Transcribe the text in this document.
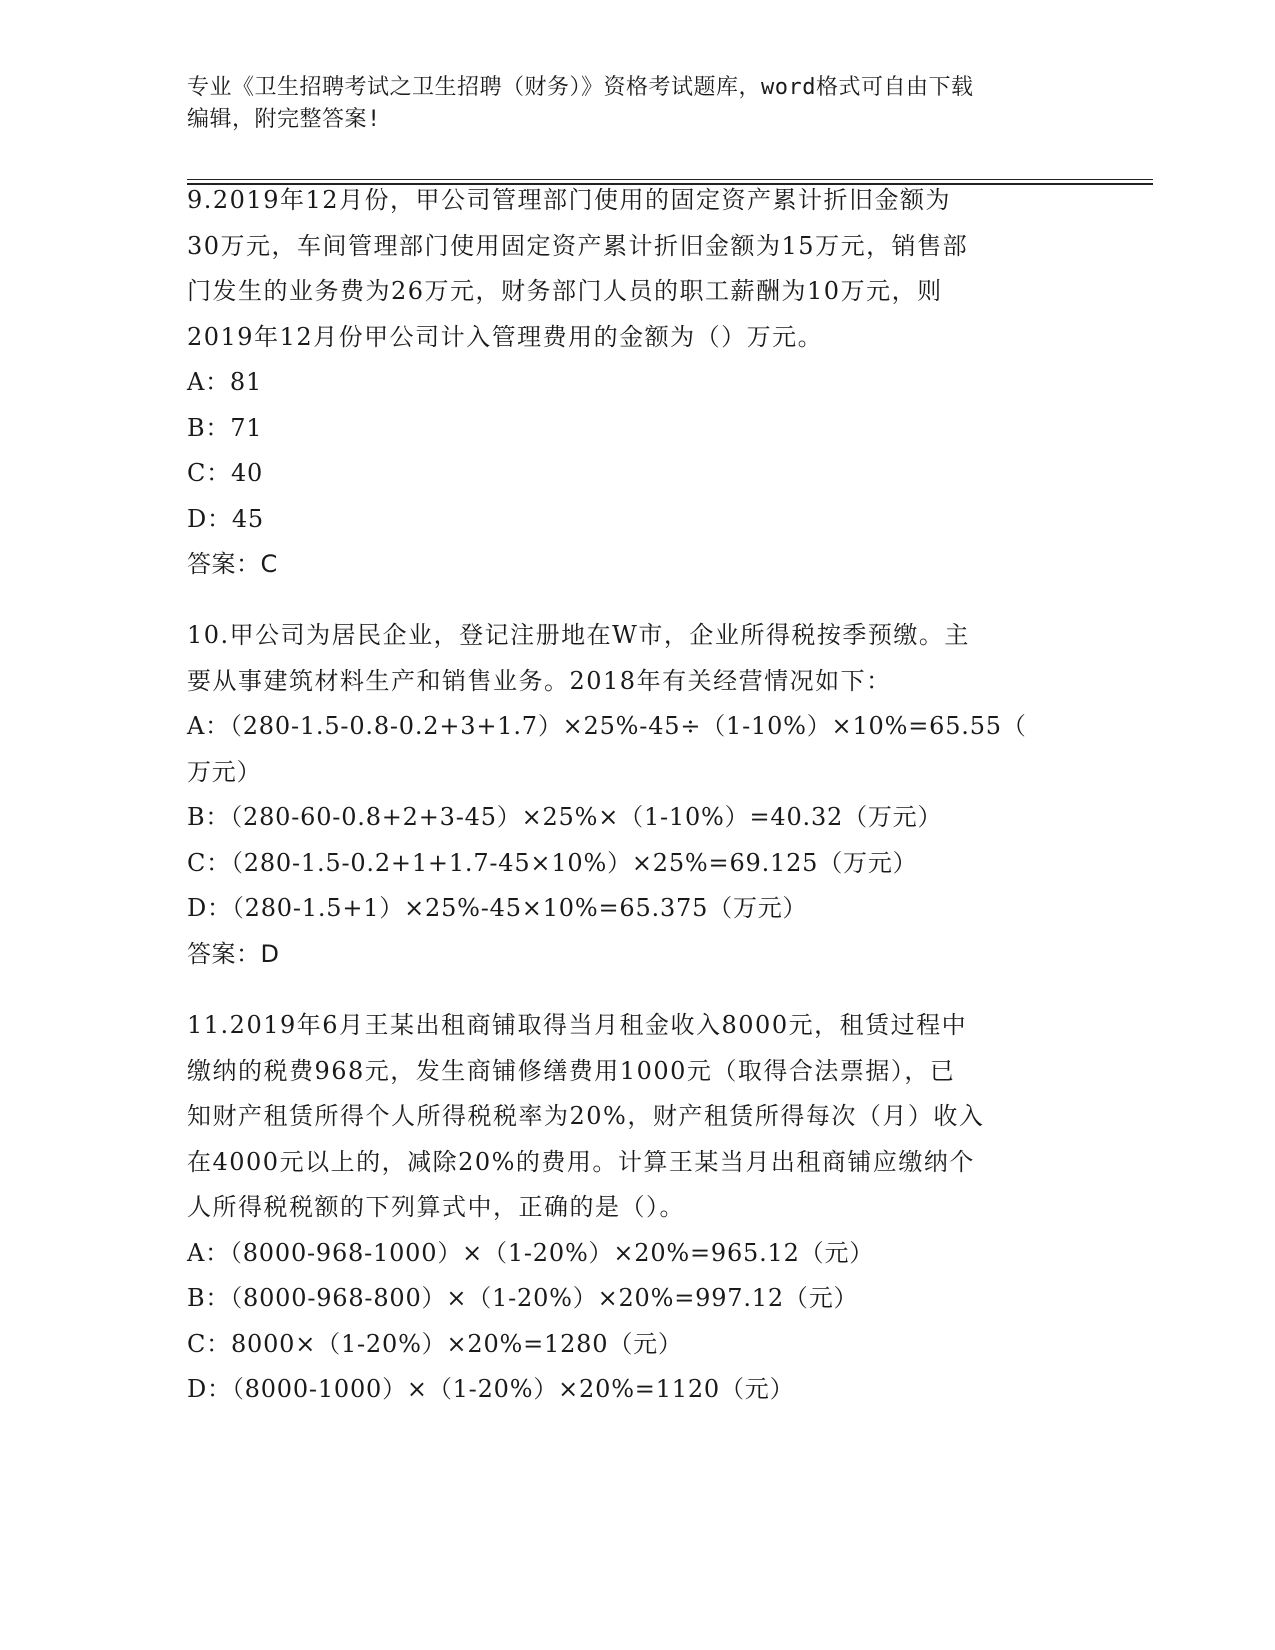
专业《卫生招聘考试之卫生招聘（财务）》资格考试题库，word格式可自由下载
编辑，附完整答案!
9.2019年12月份，甲公司管理部门使用的固定资产累计折旧金额为
30万元，车间管理部门使用固定资产累计折旧金额为15万元，销售部
门发生的业务费为26万元，财务部门人员的职工薪酬为10万元，则
2019年12月份甲公司计入管理费用的金额为（）万元。
A：81
B：71
C：40
D：45
答案：C
10.甲公司为居民企业，登记注册地在W市，企业所得税按季预缴。主
要从事建筑材料生产和销售业务。2018年有关经营情况如下：
A：（280-1.5-0.8-0.2+3+1.7）×25%-45÷（1-10%）×10%=65.55（
万元）
B：（280-60-0.8+2+3-45）×25%×（1-10%）=40.32（万元）
C：（280-1.5-0.2+1+1.7-45×10%）×25%=69.125（万元）
D：（280-1.5+1）×25%-45×10%=65.375（万元）
答案：D
11.2019年6月王某出租商铺取得当月租金收入8000元，租赁过程中
缴纳的税费968元，发生商铺修缮费用1000元（取得合法票据），已
知财产租赁所得个人所得税税率为20%，财产租赁所得每次（月）收入
在4000元以上的，减除20%的费用。计算王某当月出租商铺应缴纳个
人所得税税额的下列算式中，正确的是（）。
A：（8000-968-1000）×（1-20%）×20%=965.12（元）
B：（8000-968-800）×（1-20%）×20%=997.12（元）
C：8000×（1-20%）×20%=1280（元）
D：（8000-1000）×（1-20%）×20%=1120（元）
